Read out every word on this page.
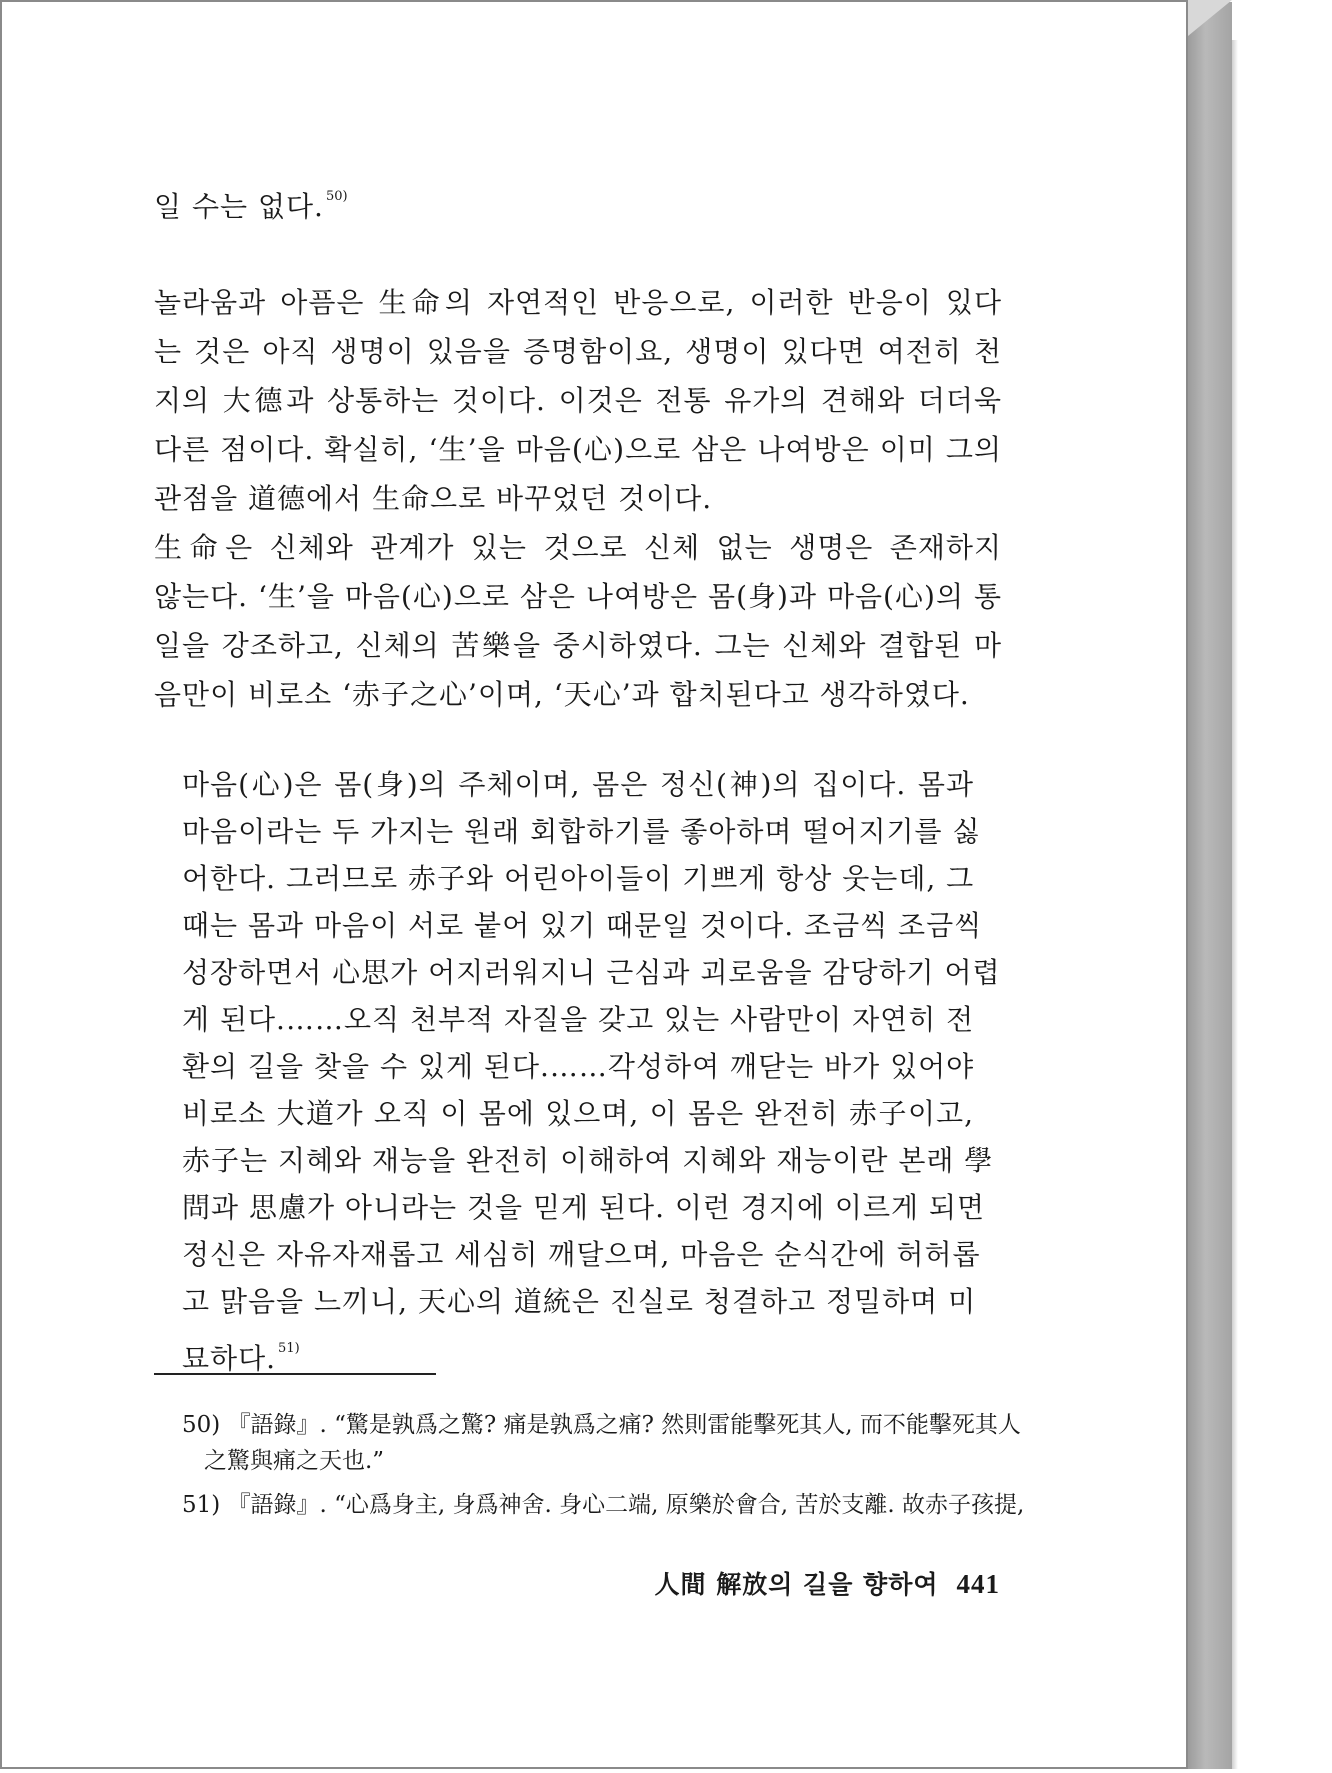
일 수는 없다. $^{50)}$

놀라움과 아픔은 生命의 자연적인 반응으로, 이러한 반응이 있다
는 것은 아직 생명이 있음을 증명함이요, 생명이 있다면 여전히 천
지의 大德과 상통하는 것이다. 이것은 전통 유가의 견해와 더더욱
다른 점이다. 확실히, ‘生’을 마음(心)으로 삼은 나여방은 이미 그의
관점을 道德에서 生命으로 바꾸었던 것이다.

生命은 신체와 관계가 있는 것으로 신체 없는 생명은 존재하지
않는다. ‘生’을 마음(心)으로 삼은 나여방은 몸(身)과 마음(心)의 통
일을 강조하고, 신체의 苦樂을 중시하였다. 그는 신체와 결합된 마
음만이 비로소 ‘赤子之心’이며, ‘天心’과 합치된다고 생각하였다.

마음(心)은 몸(身)의 주체이며, 몸은 정신(神)의 집이다. 몸과
마음이라는 두 가지는 원래 회합하기를 좋아하며 떨어지기를 싫
어한다. 그러므로 赤子와 어린아이들이 기쁘게 항상 웃는데, 그
때는 몸과 마음이 서로 붙어 있기 때문일 것이다. 조금씩 조금씩
성장하면서 心思가 어지러워지니 근심과 괴로움을 감당하기 어렵
게 된다.……오직 천부적 자질을 갖고 있는 사람만이 자연히 전
환의 길을 찾을 수 있게 된다.……각성하여 깨닫는 바가 있어야
비로소 大道가 오직 이 몸에 있으며, 이 몸은 완전히 赤子이고,
赤子는 지혜와 재능을 완전히 이해하여 지혜와 재능이란 본래 學
問과 思慮가 아니라는 것을 믿게 된다. 이런 경지에 이르게 되면
정신은 자유자재롭고 세심히 깨달으며, 마음은 순식간에 허허롭
고 맑음을 느끼니, 天心의 道統은 진실로 청결하고 정밀하며 미
묘하다. $^{51)}$
50) 『語錄』. “驚是孰爲之驚? 痛是孰爲之痛? 然則雷能擊死其人, 而不能擊死其人
之驚與痛之天也.”
51) 『語錄』. “心爲身主, 身爲神舍. 身心二端, 原樂於會合, 苦於支離. 故赤子孩提,
人間 解放의 길을 향하여 441
